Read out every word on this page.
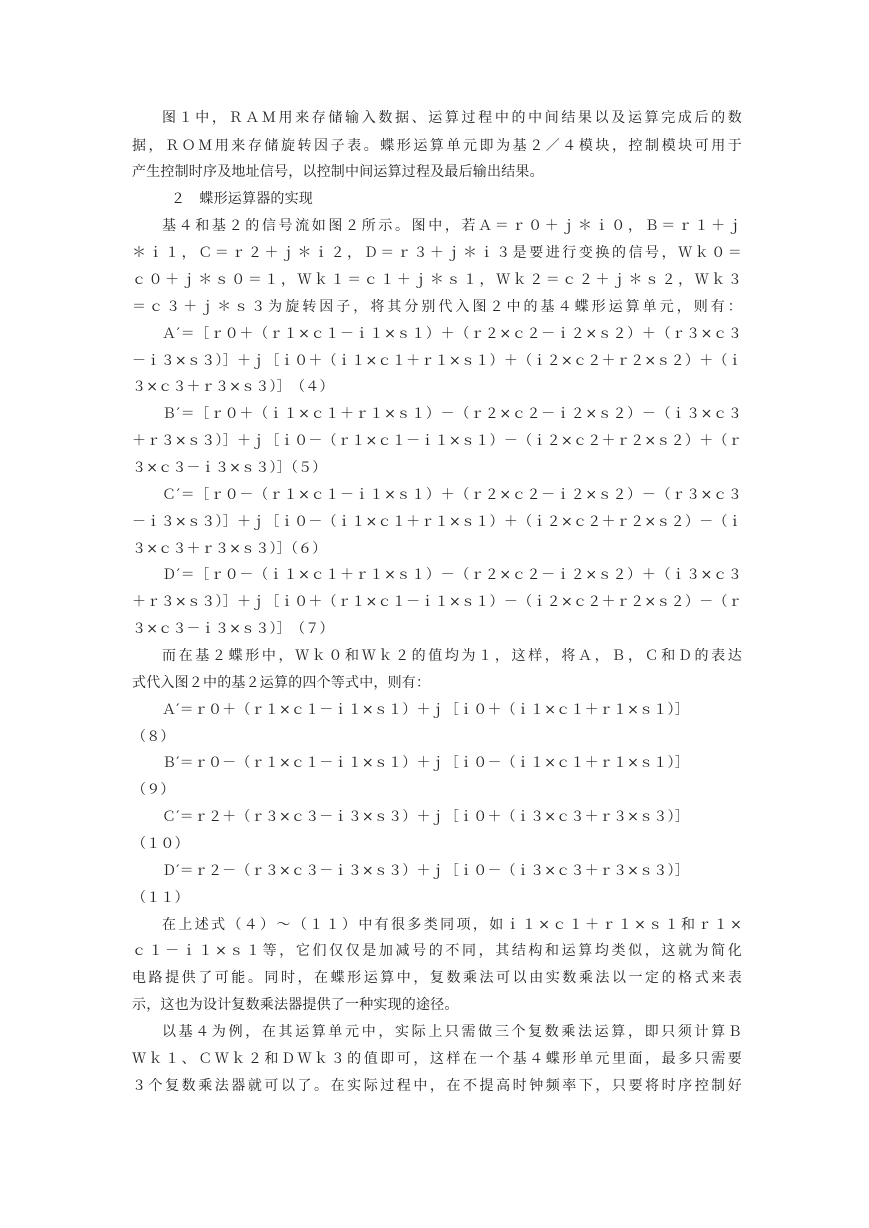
图１中，ＲＡＭ用来存储输入数据、运算过程中的中间结果以及运算完成后的数
据，ＲＯＭ用来存储旋转因子表。蝶形运算单元即为基２／４模块，控制模块可用于
产生控制时序及地址信号，以控制中间运算过程及最后输出结果。
２　蝶形运算器的实现
基４和基２的信号流如图２所示。图中，若Ａ＝ｒ０＋ｊ＊ｉ０，Ｂ＝ｒ１＋ｊ
＊ｉ１，Ｃ＝ｒ２＋ｊ＊ｉ２，Ｄ＝ｒ３＋ｊ＊ｉ３是要进行变换的信号，Ｗｋ０＝
ｃ０＋ｊ＊ｓ０＝１，Ｗｋ１＝ｃ１＋ｊ＊ｓ１，Ｗｋ２＝ｃ２＋ｊ＊ｓ２，Ｗｋ３
＝ｃ３＋ｊ＊ｓ３为旋转因子，将其分别代入图２中的基４蝶形运算单元，则有：
Ａ′＝［ｒ０＋（ｒ１×ｃ１－ｉ１×ｓ１）＋（ｒ２×ｃ２－ｉ２×ｓ２）＋（ｒ３×ｃ３
－ｉ３×ｓ３）］＋ｊ［ｉ０＋（ｉ１×ｃ１＋ｒ１×ｓ１）＋（ｉ２×ｃ２＋ｒ２×ｓ２）＋（ｉ
３×ｃ３＋ｒ３×ｓ３）］　（４）
Ｂ′＝［ｒ０＋（ｉ１×ｃ１＋ｒ１×ｓ１）－（ｒ２×ｃ２－ｉ２×ｓ２）－（ｉ３×ｃ３
＋ｒ３×ｓ３）］＋ｊ［ｉ０－（ｒ１×ｃ１－ｉ１×ｓ１）－（ｉ２×ｃ２＋ｒ２×ｓ２）＋（ｒ
３×ｃ３－ｉ３×ｓ３）］（５）
Ｃ′＝［ｒ０－（ｒ１×ｃ１－ｉ１×ｓ１）＋（ｒ２×ｃ２－ｉ２×ｓ２）－（ｒ３×ｃ３
－ｉ３×ｓ３）］＋ｊ［ｉ０－（ｉ１×ｃ１＋ｒ１×ｓ１）＋（ｉ２×ｃ２＋ｒ２×ｓ２）－（ｉ
３×ｃ３＋ｒ３×ｓ３）］（６）
Ｄ′＝［ｒ０－（ｉ１×ｃ１＋ｒ１×ｓ１）－（ｒ２×ｃ２－ｉ２×ｓ２）＋（ｉ３×ｃ３
＋ｒ３×ｓ３）］＋ｊ［ｉ０＋（ｒ１×ｃ１－ｉ１×ｓ１）－（ｉ２×ｃ２＋ｒ２×ｓ２）－（ｒ
３×ｃ３－ｉ３×ｓ３）］　（７）
而在基２蝶形中，Ｗｋ０和Ｗｋ２的值均为１，这样，将Ａ，Ｂ，Ｃ和Ｄ的表达
式代入图２中的基２运算的四个等式中，则有：
Ａ′＝ｒ０＋（ｒ１×ｃ１－ｉ１×ｓ１）＋ｊ［ｉ０＋（ｉ１×ｃ１＋ｒ１×ｓ１）］
（８）
Ｂ′＝ｒ０－（ｒ１×ｃ１－ｉ１×ｓ１）＋ｊ［ｉ０－（ｉ１×ｃ１＋ｒ１×ｓ１）］
（９）
Ｃ′＝ｒ２＋（ｒ３×ｃ３－ｉ３×ｓ３）＋ｊ［ｉ０＋（ｉ３×ｃ３＋ｒ３×ｓ３）］
（１０）
Ｄ′＝ｒ２－（ｒ３×ｃ３－ｉ３×ｓ３）＋ｊ［ｉ０－（ｉ３×ｃ３＋ｒ３×ｓ３）］
（１１）
在上述式（４）～（１１）中有很多类同项，如ｉ１×ｃ１＋ｒ１×ｓ１和ｒ１×
ｃ１－ｉ１×ｓ１等，它们仅仅是加减号的不同，其结构和运算均类似，这就为简化
电路提供了可能。同时，在蝶形运算中，复数乘法可以由实数乘法以一定的格式来表
示，这也为设计复数乘法器提供了一种实现的途径。
以基４为例，在其运算单元中，实际上只需做三个复数乘法运算，即只须计算Ｂ
Ｗｋ１、ＣＷｋ２和ＤＷｋ３的值即可，这样在一个基４蝶形单元里面，最多只需要
３个复数乘法器就可以了。在实际过程中，在不提高时钟频率下，只要将时序控制好
